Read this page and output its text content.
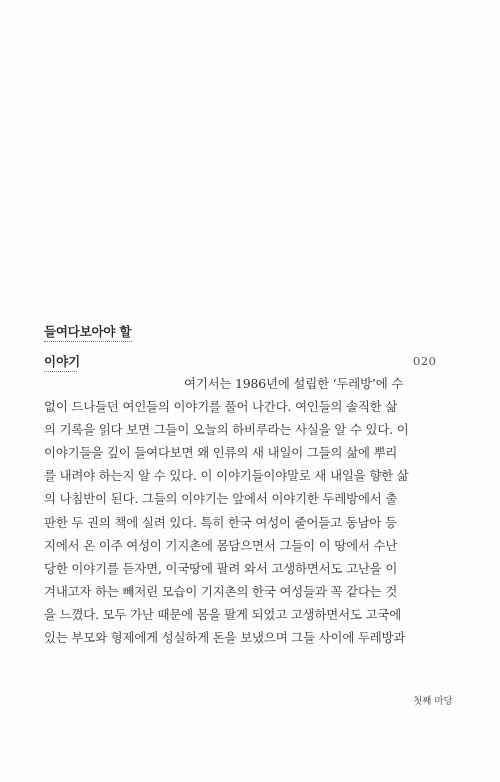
들여다보아야 할
이야기	020
여기서는 1986년에 설립한 ‘두레방’에 수
없이 드나들던 여인들의 이야기를 풀어 나간다. 여인들의 솔직한 삶
의 기록을 읽다 보면 그들이 오늘의 하비루라는 사실을 알 수 있다. 이
이야기들을 깊이 들여다보면 왜 인류의 새 내일이 그들의 삶에 뿌리
를 내려야 하는지 알 수 있다. 이 이야기들이야말로 새 내일을 향한 삶
의 나침반이 된다. 그들의 이야기는 앞에서 이야기한 두레방에서 출
판한 두 권의 책에 실려 있다. 특히 한국 여성이 줄어들고 동남아 등
지에서 온 이주 여성이 기지촌에 몸담으면서 그들이 이 땅에서 수난
당한 이야기를 듣자면, 이국땅에 팔려 와서 고생하면서도 고난을 이
겨내고자 하는 빼저린 모습이 기지촌의 한국 여성들과 꼭 같다는 것
을 느꼈다. 모두 가난 때문에 몸을 팔게 되었고 고생하면서도 고국에
있는 부모와 형제에게 성실하게 돈을 보냈으며 그들 사이에 두레방과
첫째 마당
